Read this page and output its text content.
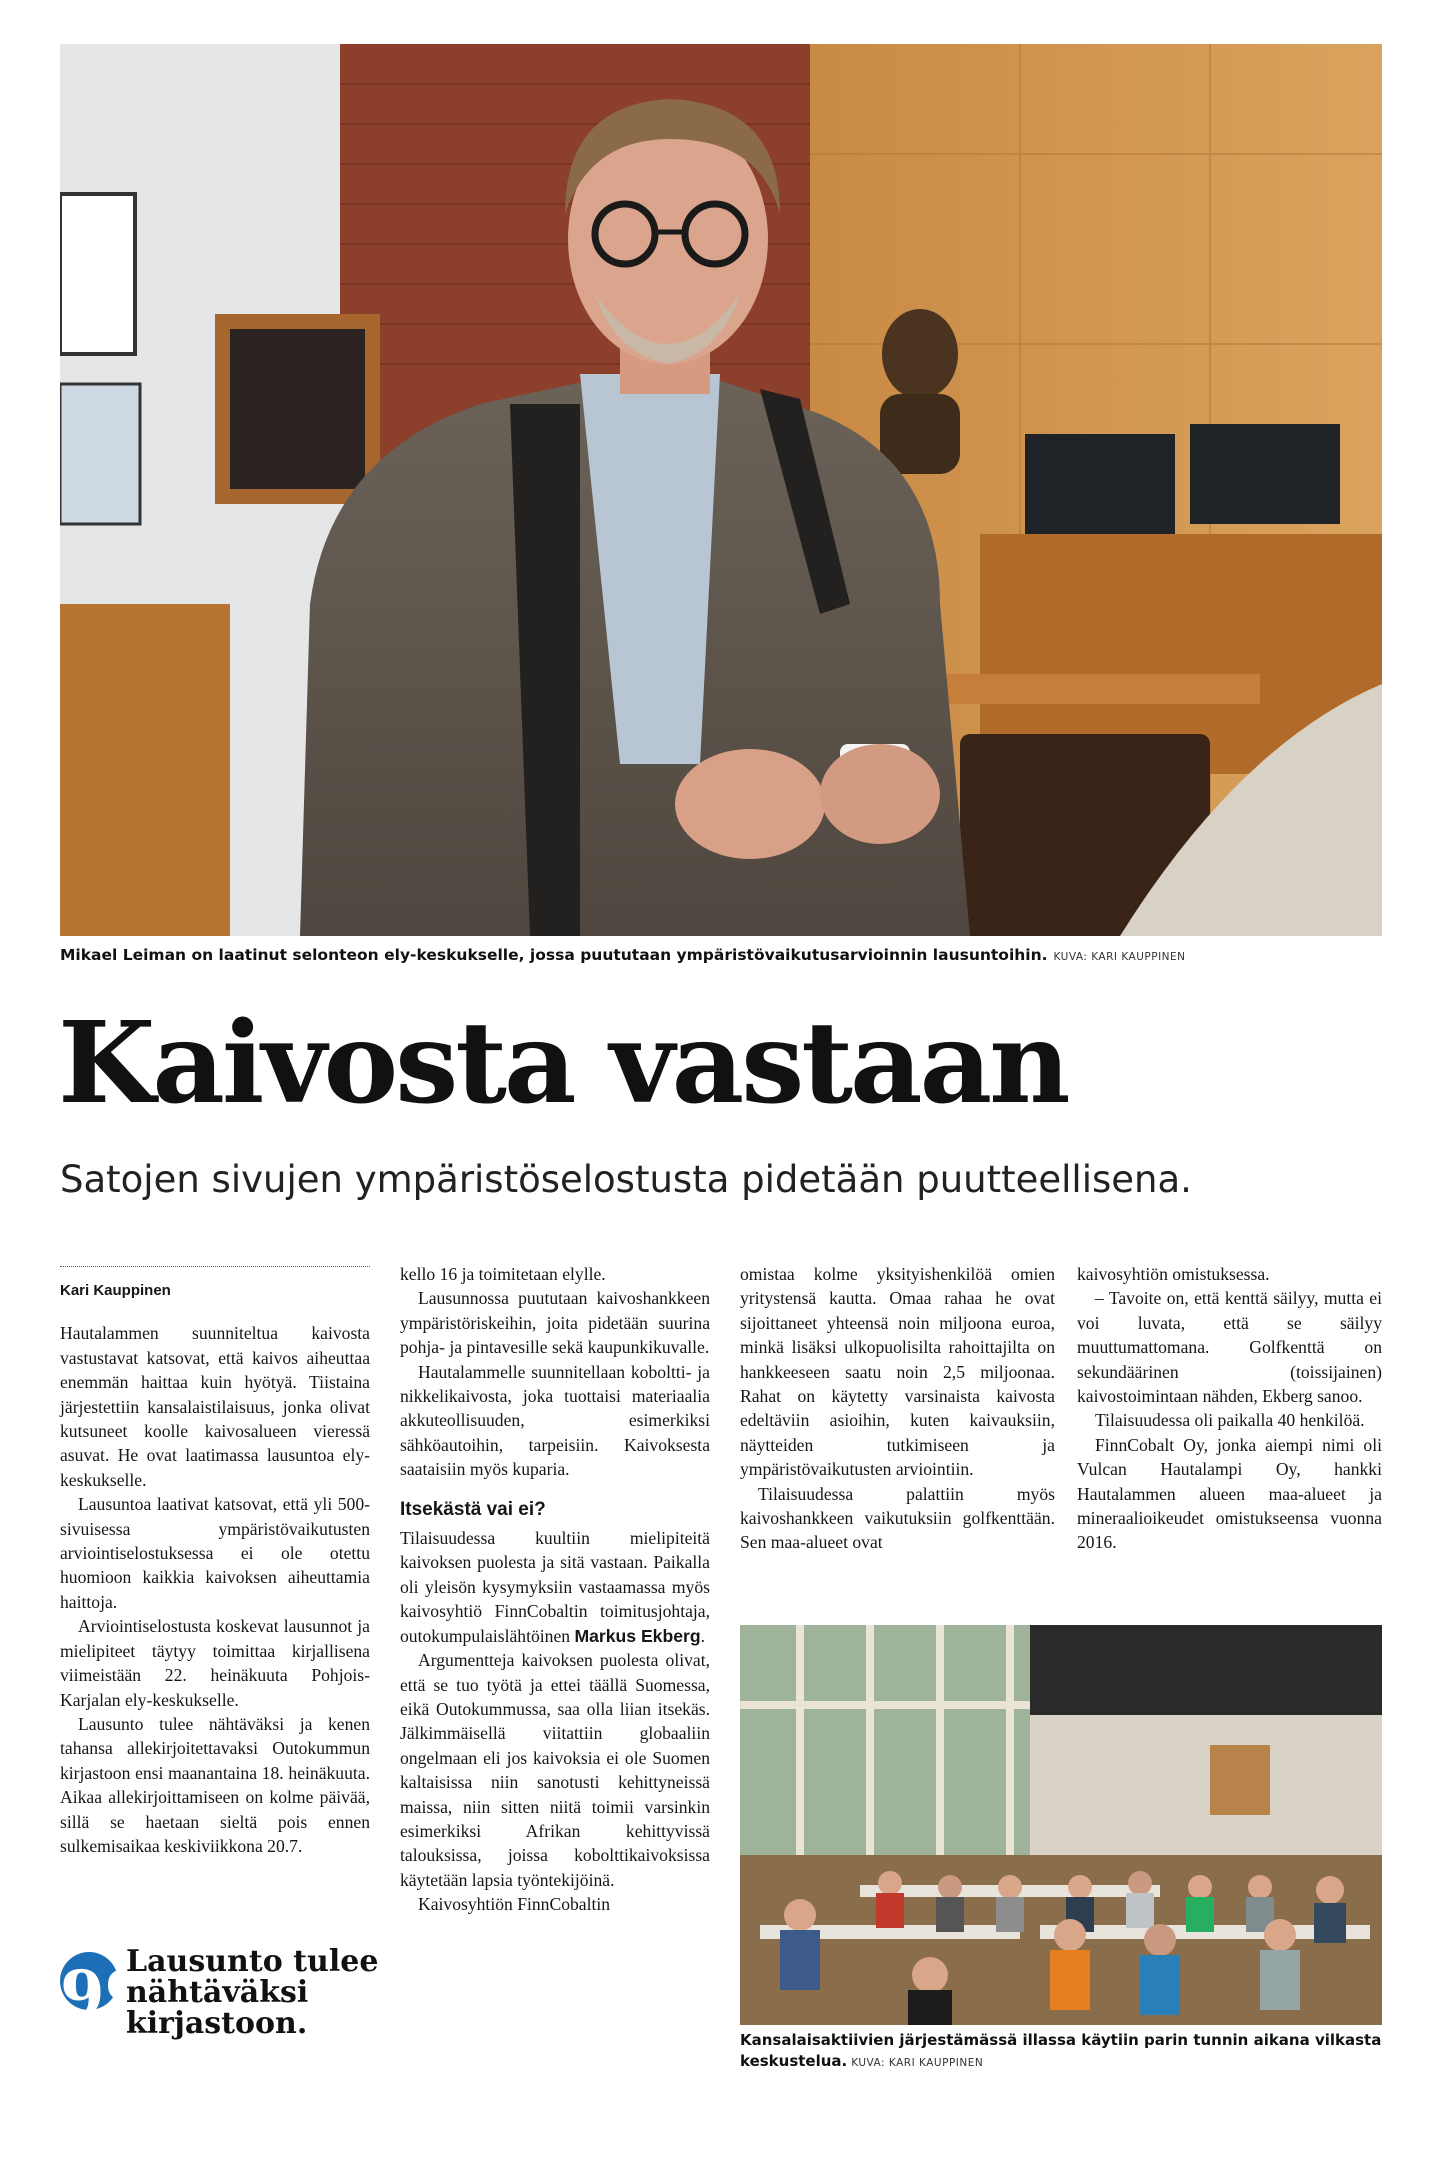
Mikael Leiman on laatinut selonteon ely-keskukselle, jossa puututaan ympäristövaikutusarvioinnin lausuntoihin. KUVA: KARI KAUPPINEN
Kaivosta vastaan
Satojen sivujen ympäristöselostusta pidetään puutteellisena.
Kari Kauppinen

Hautalammen suunniteltua kaivosta vastustavat katsovat, että kaivos aiheuttaa enemmän haittaa kuin hyötyä. Tiistaina järjestettiin kansalaistilaisuus, jonka olivat kutsuneet koolle kaivosalueen vieressä asuvat. He ovat laatimassa lausuntoa ely-keskukselle.

Lausuntoa laativat katsovat, että yli 500-sivuisessa ympäristövaikutusten arviointiselostuksessa ei ole otettu huomioon kaikkia kaivoksen aiheuttamia haittoja.

Arviointiselostusta koskevat lausunnot ja mielipiteet täytyy toimittaa kirjallisena viimeistään 22. heinäkuuta Pohjois-Karjalan ely-keskukselle.

Lausunto tulee nähtäväksi ja kenen tahansa allekirjoitettavaksi Outokummun kirjastoon ensi maanantaina 18. heinäkuuta. Aikaa allekirjoittamiseen on kolme päivää, sillä se haetaan sieltä pois ennen sulkemisaikaa keskiviikkona 20.7.

99
Lausunto tulee nähtäväksi kirjastoon.

kello 16 ja toimitetaan elylle.

Lausunnossa puututaan kaivoshankkeen ympäristöriskeihin, joita pidetään suurina pohja- ja pintavesille sekä kaupunkikuvalle.

Hautalammelle suunnitellaan koboltti- ja nikkelikaivosta, joka tuottaisi materiaalia akkuteollisuuden, esimerkiksi sähköautoihin, tarpeisiin. Kaivoksesta saataisiin myös kuparia.

Itsekästä vai ei?

Tilaisuudessa kuultiin mielipiteitä kaivoksen puolesta ja sitä vastaan. Paikalla oli yleisön kysymyksiin vastaamassa myös kaivosyhtiö FinnCobaltin toimitusjohtaja, outokumpulaislähtöinen Markus Ekberg.

Argumentteja kaivoksen puolesta olivat, että se tuo työtä ja ettei täällä Suomessa, eikä Outokummussa, saa olla liian itsekäs. Jälkimmäisellä viitattiin globaaliin ongelmaan eli jos kaivoksia ei ole Suomen kaltaisissa niin sanotusti kehittyneissä maissa, niin sitten niitä toimii varsinkin esimerkiksi Afrikan kehittyvissä talouksissa, joissa kobolttikaivoksissa käytetään lapsia työntekijöinä.

Kaivosyhtiön FinnCobaltin

omistaa kolme yksityishenkilöä omien yritystensä kautta. Omaa rahaa he ovat sijoittaneet yhteensä noin miljoona euroa, minkä lisäksi ulkopuolisilta rahoittajilta on hankkeeseen saatu noin 2,5 miljoonaa. Rahat on käytetty varsinaista kaivosta edeltäviin asioihin, kuten kaivauksiin, näytteiden tutkimiseen ja ympäristövaikutusten arviointiin.

Tilaisuudessa palattiin myös kaivoshankkeen vaikutuksiin golfkenttään. Sen maa-alueet ovat

kaivosyhtiön omistuksessa.

– Tavoite on, että kenttä säilyy, mutta ei voi luvata, että se säilyy muuttumattomana. Golfkenttä on sekundäärinen (toissijainen) kaivostoimintaan nähden, Ekberg sanoo.

Tilaisuudessa oli paikalla 40 henkilöä.

FinnCobalt Oy, jonka aiempi nimi oli Vulcan Hautalampi Oy, hankki Hautalammen alueen maa-alueet ja mineraalioikeudet omistukseensa vuonna 2016.

Kansalaisaktiivien järjestämässä illassa käytiin parin tunnin aikana vilkasta keskustelua. KUVA: KARI KAUPPINEN
